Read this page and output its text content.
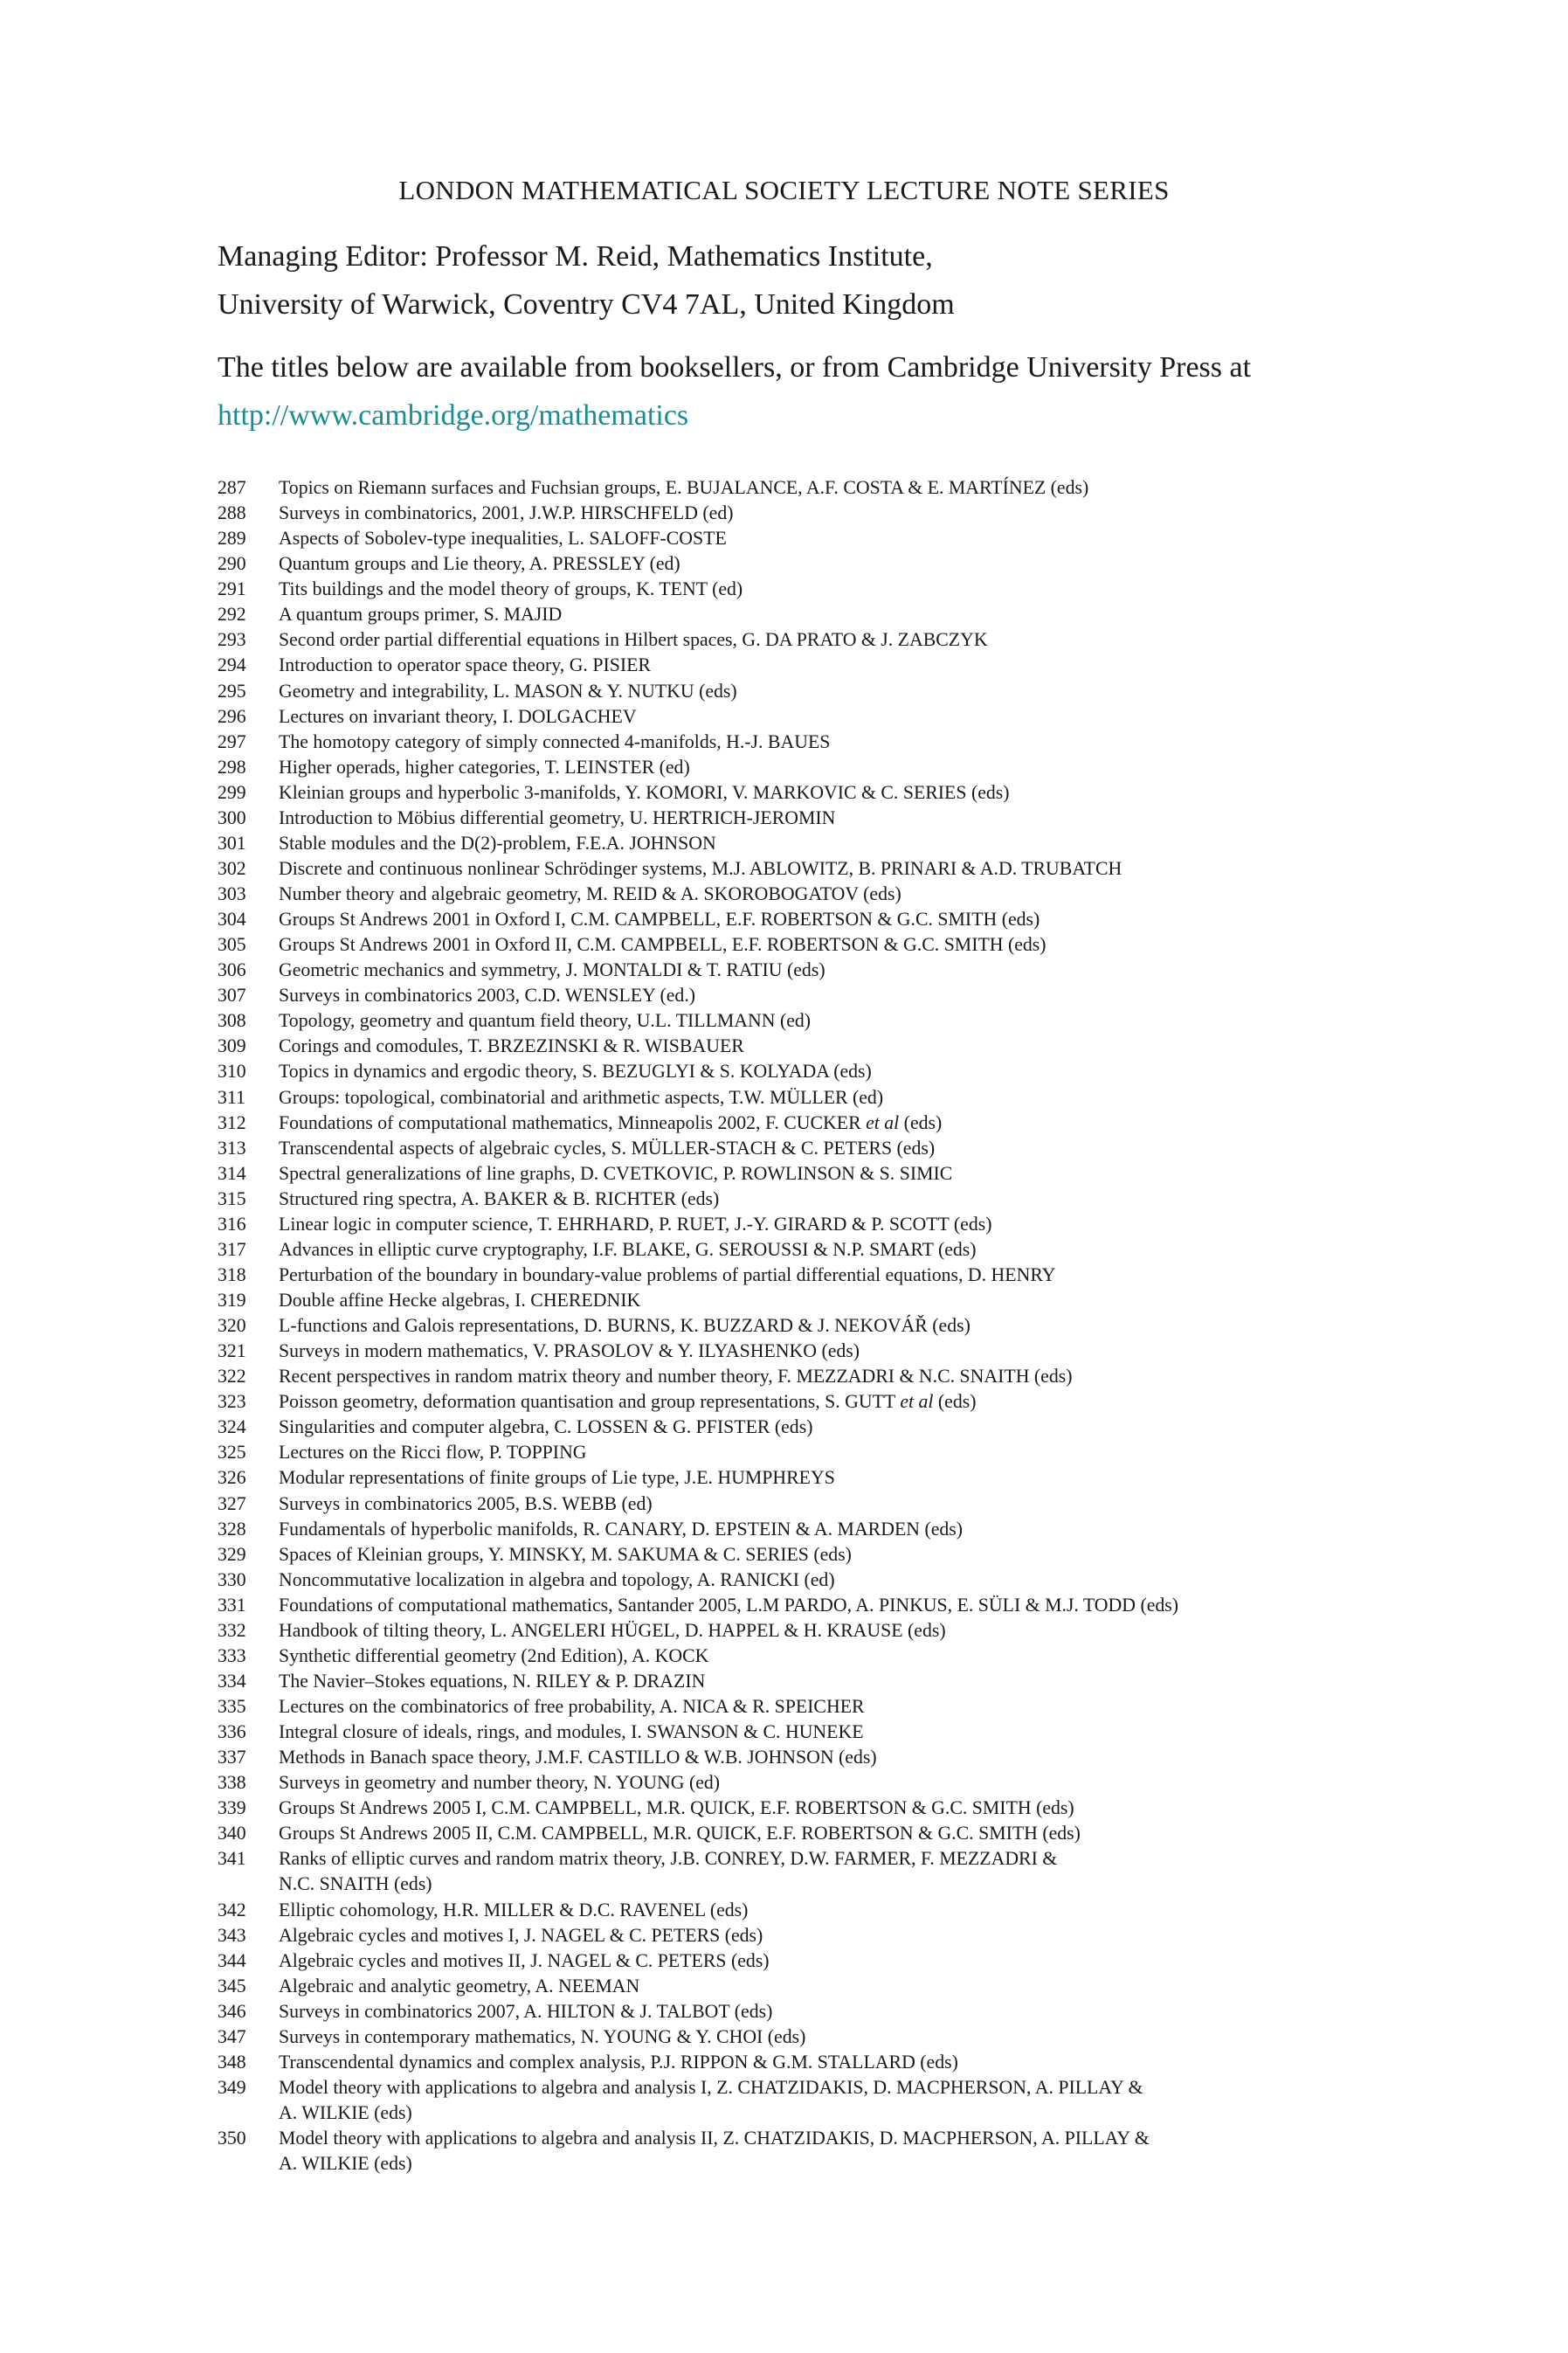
LONDON MATHEMATICAL SOCIETY LECTURE NOTE SERIES
Managing Editor: Professor M. Reid, Mathematics Institute,
University of Warwick, Coventry CV4 7AL, United Kingdom
The titles below are available from booksellers, or from Cambridge University Press at
http://www.cambridge.org/mathematics
287 Topics on Riemann surfaces and Fuchsian groups, E. BUJALANCE, A.F. COSTA & E. MARTÍNEZ (eds)
288 Surveys in combinatorics, 2001, J.W.P. HIRSCHFELD (ed)
289 Aspects of Sobolev-type inequalities, L. SALOFF-COSTE
290 Quantum groups and Lie theory, A. PRESSLEY (ed)
291 Tits buildings and the model theory of groups, K. TENT (ed)
292 A quantum groups primer, S. MAJID
293 Second order partial differential equations in Hilbert spaces, G. DA PRATO & J. ZABCZYK
294 Introduction to operator space theory, G. PISIER
295 Geometry and integrability, L. MASON & Y. NUTKU (eds)
296 Lectures on invariant theory, I. DOLGACHEV
297 The homotopy category of simply connected 4-manifolds, H.-J. BAUES
298 Higher operads, higher categories, T. LEINSTER (ed)
299 Kleinian groups and hyperbolic 3-manifolds, Y. KOMORI, V. MARKOVIC & C. SERIES (eds)
300 Introduction to Möbius differential geometry, U. HERTRICH-JEROMIN
301 Stable modules and the D(2)-problem, F.E.A. JOHNSON
302 Discrete and continuous nonlinear Schrödinger systems, M.J. ABLOWITZ, B. PRINARI & A.D. TRUBATCH
303 Number theory and algebraic geometry, M. REID & A. SKOROBOGATOV (eds)
304 Groups St Andrews 2001 in Oxford I, C.M. CAMPBELL, E.F. ROBERTSON & G.C. SMITH (eds)
305 Groups St Andrews 2001 in Oxford II, C.M. CAMPBELL, E.F. ROBERTSON & G.C. SMITH (eds)
306 Geometric mechanics and symmetry, J. MONTALDI & T. RATIU (eds)
307 Surveys in combinatorics 2003, C.D. WENSLEY (ed.)
308 Topology, geometry and quantum field theory, U.L. TILLMANN (ed)
309 Corings and comodules, T. BRZEZINSKI & R. WISBAUER
310 Topics in dynamics and ergodic theory, S. BEZUGLYI & S. KOLYADA (eds)
311 Groups: topological, combinatorial and arithmetic aspects, T.W. MÜLLER (ed)
312 Foundations of computational mathematics, Minneapolis 2002, F. CUCKER et al (eds)
313 Transcendental aspects of algebraic cycles, S. MÜLLER-STACH & C. PETERS (eds)
314 Spectral generalizations of line graphs, D. CVETKOVIC, P. ROWLINSON & S. SIMIC
315 Structured ring spectra, A. BAKER & B. RICHTER (eds)
316 Linear logic in computer science, T. EHRHARD, P. RUET, J.-Y. GIRARD & P. SCOTT (eds)
317 Advances in elliptic curve cryptography, I.F. BLAKE, G. SEROUSSI & N.P. SMART (eds)
318 Perturbation of the boundary in boundary-value problems of partial differential equations, D. HENRY
319 Double affine Hecke algebras, I. CHEREDNIK
320 L-functions and Galois representations, D. BURNS, K. BUZZARD & J. NEKOVÁŘ (eds)
321 Surveys in modern mathematics, V. PRASOLOV & Y. ILYASHENKO (eds)
322 Recent perspectives in random matrix theory and number theory, F. MEZZADRI & N.C. SNAITH (eds)
323 Poisson geometry, deformation quantisation and group representations, S. GUTT et al (eds)
324 Singularities and computer algebra, C. LOSSEN & G. PFISTER (eds)
325 Lectures on the Ricci flow, P. TOPPING
326 Modular representations of finite groups of Lie type, J.E. HUMPHREYS
327 Surveys in combinatorics 2005, B.S. WEBB (ed)
328 Fundamentals of hyperbolic manifolds, R. CANARY, D. EPSTEIN & A. MARDEN (eds)
329 Spaces of Kleinian groups, Y. MINSKY, M. SAKUMA & C. SERIES (eds)
330 Noncommutative localization in algebra and topology, A. RANICKI (ed)
331 Foundations of computational mathematics, Santander 2005, L.M PARDO, A. PINKUS, E. SÜLI & M.J. TODD (eds)
332 Handbook of tilting theory, L. ANGELERI HÜGEL, D. HAPPEL & H. KRAUSE (eds)
333 Synthetic differential geometry (2nd Edition), A. KOCK
334 The Navier–Stokes equations, N. RILEY & P. DRAZIN
335 Lectures on the combinatorics of free probability, A. NICA & R. SPEICHER
336 Integral closure of ideals, rings, and modules, I. SWANSON & C. HUNEKE
337 Methods in Banach space theory, J.M.F. CASTILLO & W.B. JOHNSON (eds)
338 Surveys in geometry and number theory, N. YOUNG (ed)
339 Groups St Andrews 2005 I, C.M. CAMPBELL, M.R. QUICK, E.F. ROBERTSON & G.C. SMITH (eds)
340 Groups St Andrews 2005 II, C.M. CAMPBELL, M.R. QUICK, E.F. ROBERTSON & G.C. SMITH (eds)
341 Ranks of elliptic curves and random matrix theory, J.B. CONREY, D.W. FARMER, F. MEZZADRI &
N.C. SNAITH (eds)
342 Elliptic cohomology, H.R. MILLER & D.C. RAVENEL (eds)
343 Algebraic cycles and motives I, J. NAGEL & C. PETERS (eds)
344 Algebraic cycles and motives II, J. NAGEL & C. PETERS (eds)
345 Algebraic and analytic geometry, A. NEEMAN
346 Surveys in combinatorics 2007, A. HILTON & J. TALBOT (eds)
347 Surveys in contemporary mathematics, N. YOUNG & Y. CHOI (eds)
348 Transcendental dynamics and complex analysis, P.J. RIPPON & G.M. STALLARD (eds)
349 Model theory with applications to algebra and analysis I, Z. CHATZIDAKIS, D. MACPHERSON, A. PILLAY &
A. WILKIE (eds)
350 Model theory with applications to algebra and analysis II, Z. CHATZIDAKIS, D. MACPHERSON, A. PILLAY &
A. WILKIE (eds)
